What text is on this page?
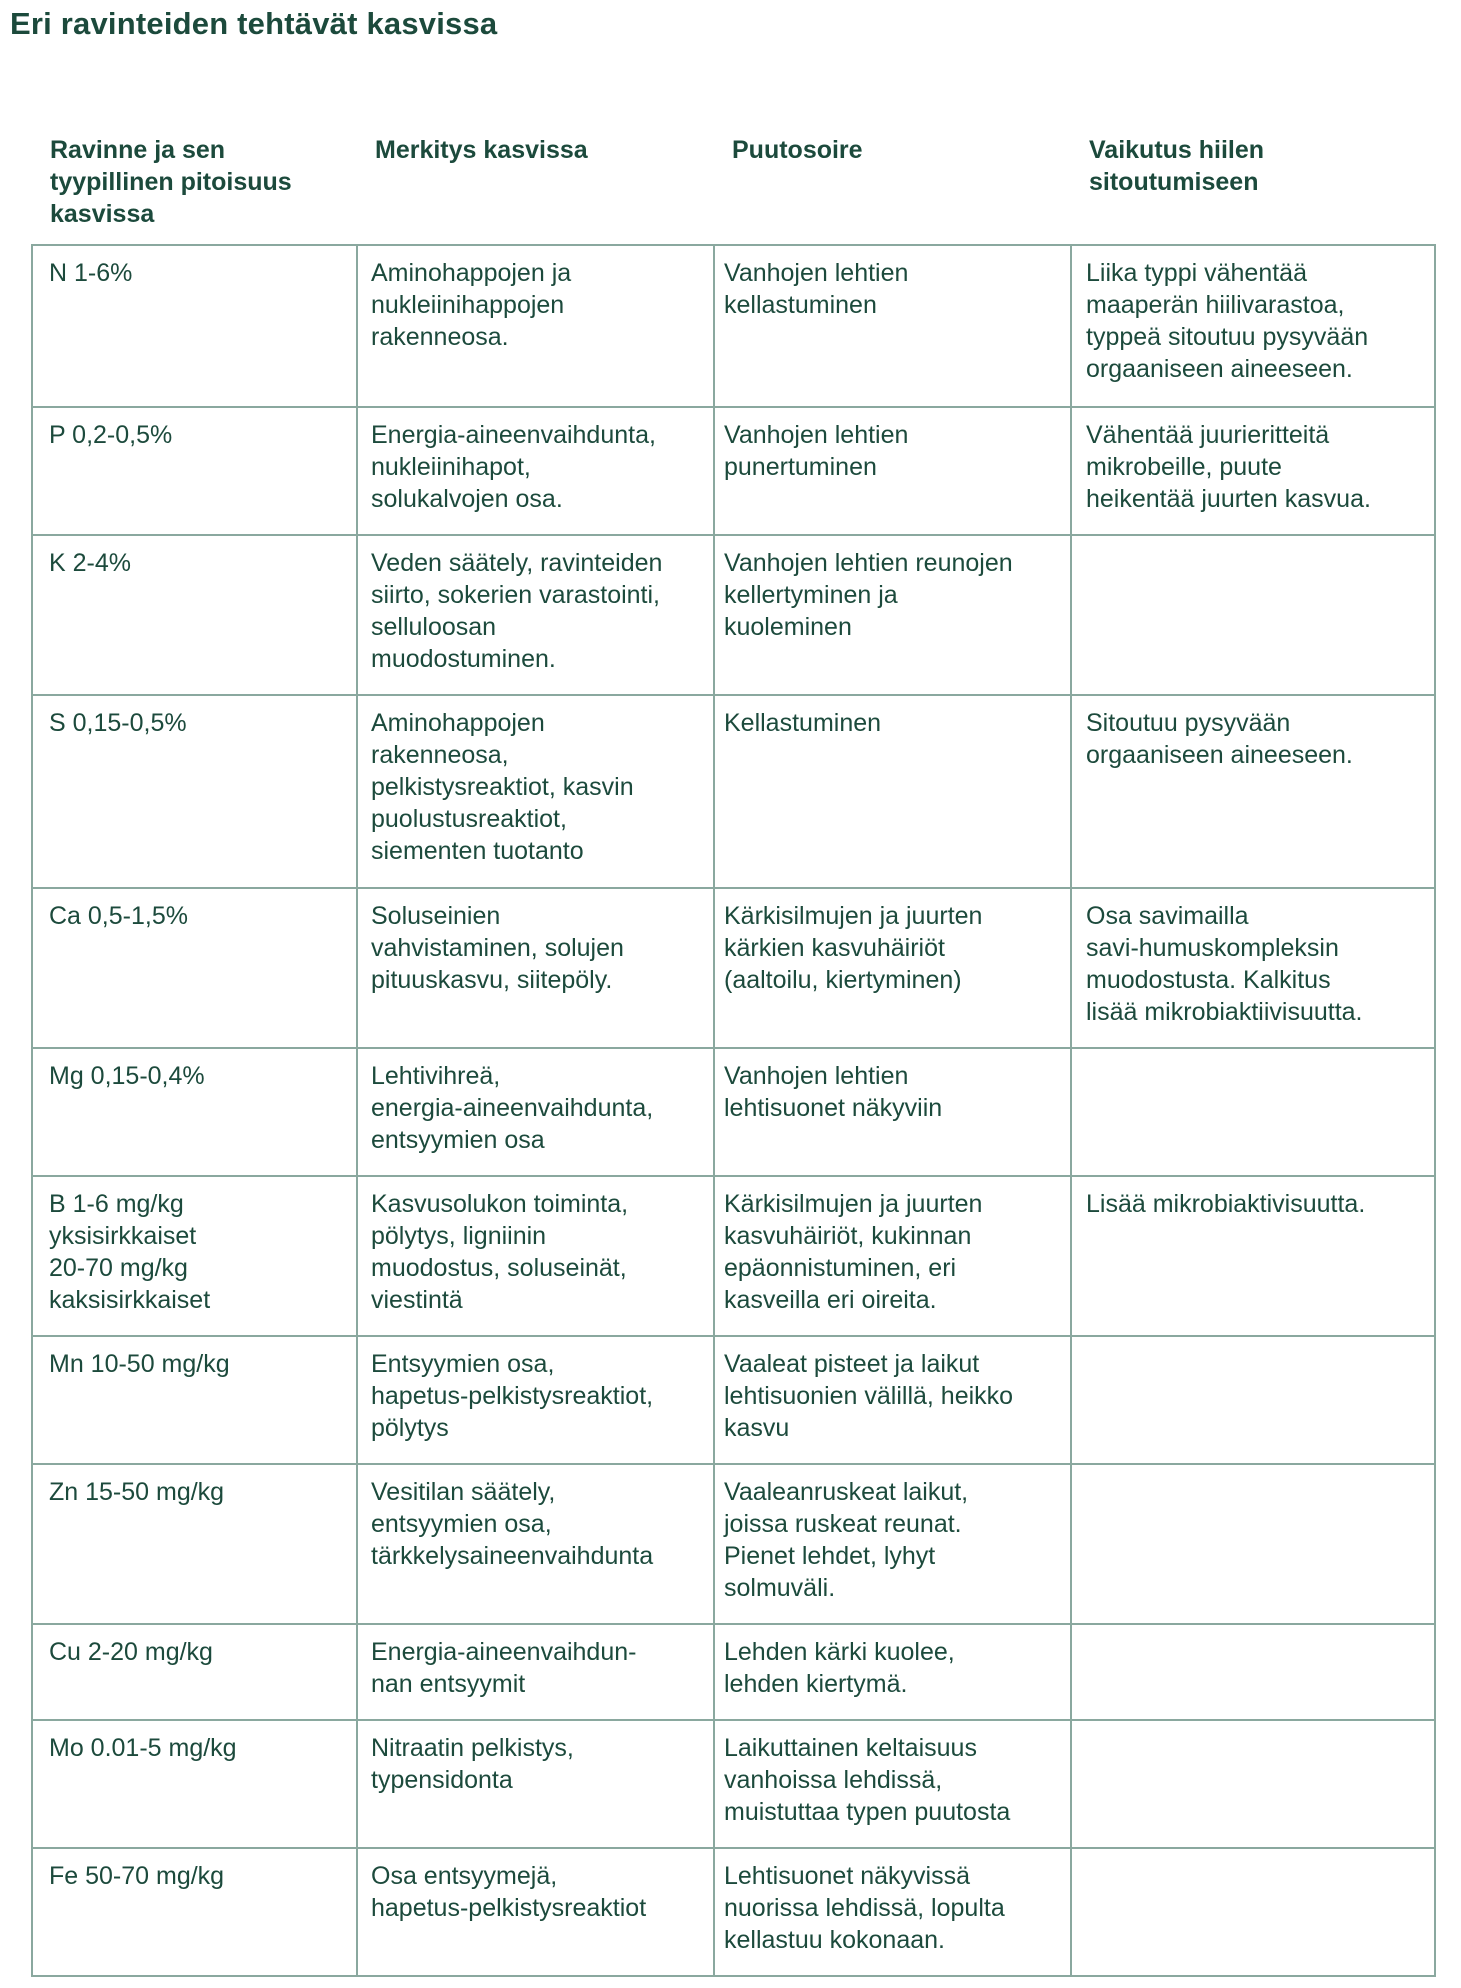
Eri ravinteiden tehtävät kasvissa
Ravinne ja sen
tyypillinen pitoisuus
kasvissa	Merkitys kasvissa	Puutosoire	Vaikutus hiilen
sitoutumiseen
N 1-6%	Aminohappojen ja
nukleiinihappojen
rakenneosa.	Vanhojen lehtien
kellastuminen	Liika typpi vähentää
maaperän hiilivarastoa,
typpeä sitoutuu pysyvään
orgaaniseen aineeseen.
P 0,2-0,5%	Energia-aineenvaihdunta,
nukleiinihapot,
solukalvojen osa.	Vanhojen lehtien
punertuminen	Vähentää juurieritteitä
mikrobeille, puute
heikentää juurten kasvua.
K 2-4%	Veden säätely, ravinteiden
siirto, sokerien varastointi,
selluloosan
muodostuminen.	Vanhojen lehtien reunojen
kellertyminen ja
kuoleminen	
S 0,15-0,5%	Aminohappojen
rakenneosa,
pelkistysreaktiot, kasvin
puolustusreaktiot,
siementen tuotanto	Kellastuminen	Sitoutuu pysyvään
orgaaniseen aineeseen.
Ca 0,5-1,5%	Soluseinien
vahvistaminen, solujen
pituuskasvu, siitepöly.	Kärkisilmujen ja juurten
kärkien kasvuhäiriöt
(aaltoilu, kiertyminen)	Osa savimailla
savi-humuskompleksin
muodostusta. Kalkitus
lisää mikrobiaktiivisuutta.
Mg 0,15-0,4%	Lehtivihreä,
energia-aineenvaihdunta,
entsyymien osa	Vanhojen lehtien
lehtisuonet näkyviin	
B 1-6 mg/kg
yksisirkkaiset
20-70 mg/kg
kaksisirkkaiset	Kasvusolukon toiminta,
pölytys, ligniinin
muodostus, soluseinät,
viestintä	Kärkisilmujen ja juurten
kasvuhäiriöt, kukinnan
epäonnistuminen, eri
kasveilla eri oireita.	Lisää mikrobiaktivisuutta.
Mn 10-50 mg/kg	Entsyymien osa,
hapetus-pelkistysreaktiot,
pölytys	Vaaleat pisteet ja laikut
lehtisuonien välillä, heikko
kasvu	
Zn 15-50 mg/kg	Vesitilan säätely,
entsyymien osa,
tärkkelysaineenvaihdunta	Vaaleanruskeat laikut,
joissa ruskeat reunat.
Pienet lehdet, lyhyt
solmuväli.	
Cu 2-20 mg/kg	Energia-aineenvaihdun-
nan entsyymit	Lehden kärki kuolee,
lehden kiertymä.	
Mo 0.01-5 mg/kg	Nitraatin pelkistys,
typensidonta	Laikuttainen keltaisuus
vanhoissa lehdissä,
muistuttaa typen puutosta	
Fe 50-70 mg/kg	Osa entsyymejä,
hapetus-pelkistysreaktiot	Lehtisuonet näkyvissä
nuorissa lehdissä, lopulta
kellastuu kokonaan.	
